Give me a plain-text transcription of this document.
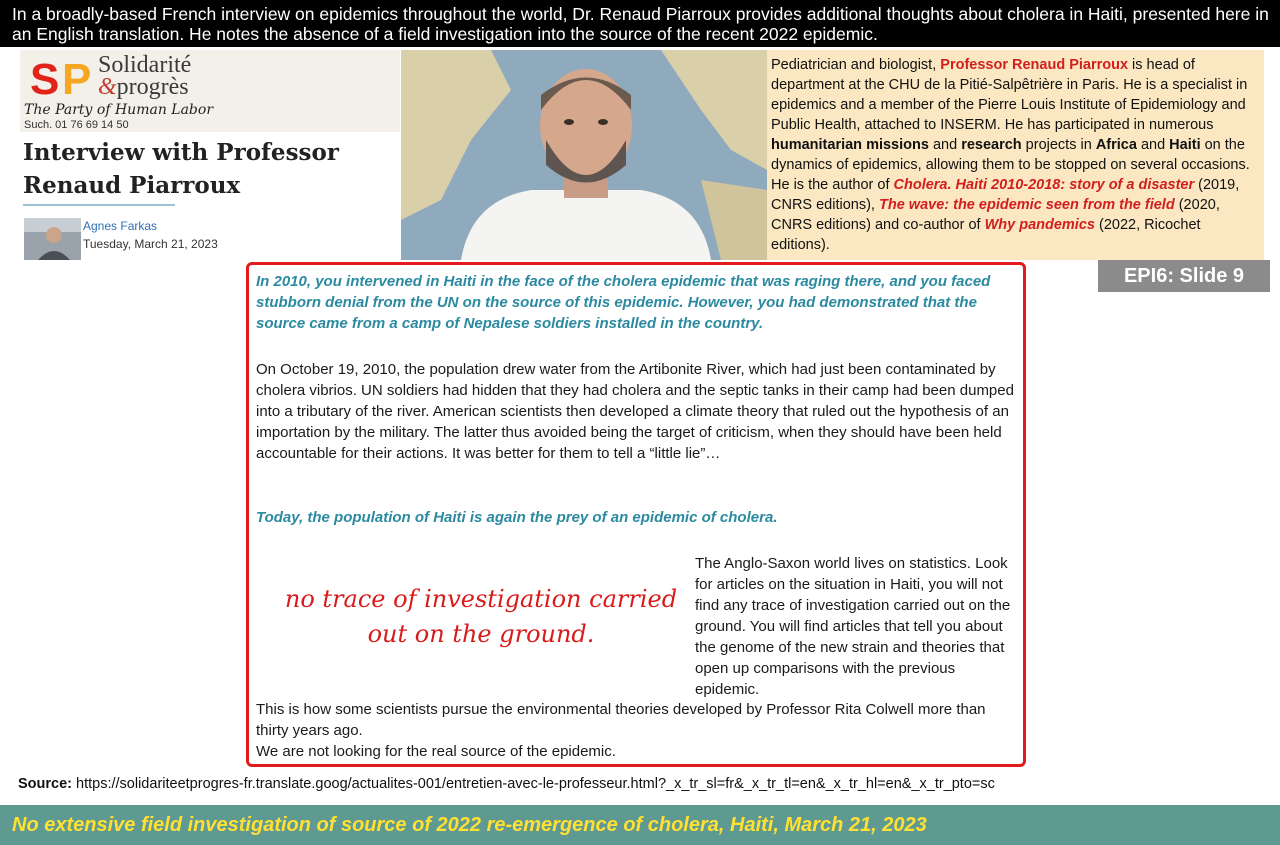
In a broadly-based French interview on epidemics throughout the world, Dr. Renaud Piarroux provides additional thoughts about cholera in Haiti, presented here in an English translation. He notes the absence of a field investigation into the source of the recent 2022 epidemic.
S P Solidarité
&progrès
The Party of Human Labor
Such. 01 76 69 14 50
Interview with Professor Renaud Piarroux
Agnes Farkas
Tuesday, March 21, 2023
Pediatrician and biologist, Professor Renaud Piarroux is head of department at the CHU de la Pitié-Salpêtrière in Paris. He is a specialist in epidemics and a member of the Pierre Louis Institute of Epidemiology and Public Health, attached to INSERM. He has participated in numerous humanitarian missions and research projects in Africa and Haiti on the dynamics of epidemics, allowing them to be stopped on several occasions. He is the author of Cholera. Haiti 2010-2018: story of a disaster (2019, CNRS editions), The wave: the epidemic seen from the field (2020, CNRS editions) and co-author of Why pandemics (2022, Ricochet editions).
EPI6: Slide 9
In 2010, you intervened in Haiti in the face of the cholera epidemic that was raging there, and you faced stubborn denial from the UN on the source of this epidemic. However, you had demonstrated that the source came from a camp of Nepalese soldiers installed in the country.
On October 19, 2010, the population drew water from the Artibonite River, which had just been contaminated by cholera vibrios. UN soldiers had hidden that they had cholera and the septic tanks in their camp had been dumped into a tributary of the river. American scientists then developed a climate theory that ruled out the hypothesis of an importation by the military. The latter thus avoided being the target of criticism, when they should have been held accountable for their actions. It was better for them to tell a “little lie”…
Today, the population of Haiti is again the prey of an epidemic of cholera.
no trace of investigation carried out on the ground.
The Anglo-Saxon world lives on statistics. Look for articles on the situation in Haiti, you will not find any trace of investigation carried out on the ground. You will find articles that tell you about the genome of the new strain and theories that open up comparisons with the previous epidemic.
This is how some scientists pursue the environmental theories developed by Professor Rita Colwell more than thirty years ago.
We are not looking for the real source of the epidemic.
Source: https://solidariteetprogres-fr.translate.goog/actualites-001/entretien-avec-le-professeur.html?_x_tr_sl=fr&_x_tr_tl=en&_x_tr_hl=en&_x_tr_pto=sc
No extensive field investigation of source of 2022 re-emergence of cholera, Haiti, March 21, 2023
